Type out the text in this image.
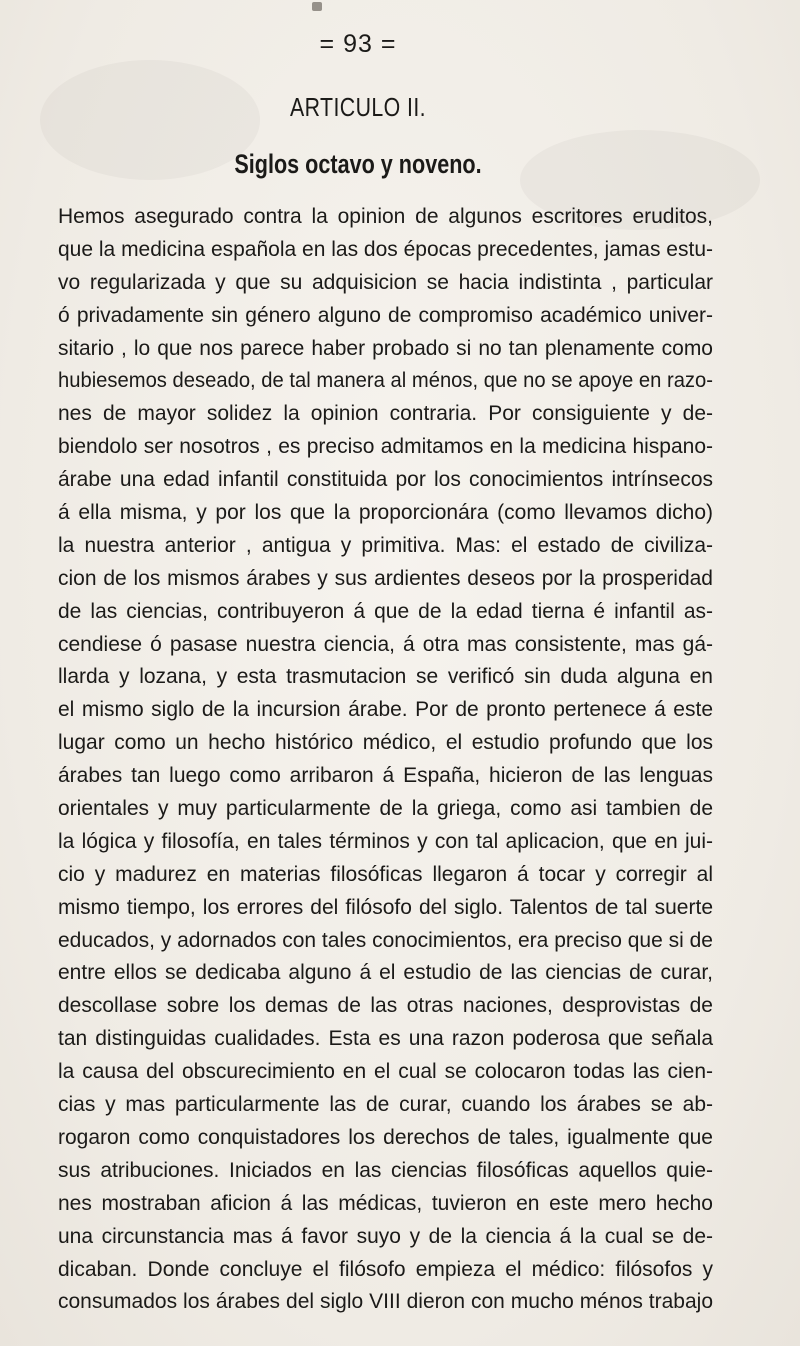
= 93 =
ARTICULO II.
Siglos octavo y noveno.
Hemos asegurado contra la opinion de algunos escritores eruditos,
que la medicina española en las dos épocas precedentes, jamas estu-
vo regularizada y que su adquisicion se hacia indistinta , particular
ó privadamente sin género alguno de compromiso académico univer-
sitario , lo que nos parece haber probado si no tan plenamente como
hubiesemos deseado, de tal manera al ménos, que no se apoye en razo-
nes de mayor solidez la opinion contraria. Por consiguiente y de-
biendolo ser nosotros , es preciso admitamos en la medicina hispano-
árabe una edad infantil constituida por los conocimientos intrínsecos
á ella misma, y por los que la proporcionára (como llevamos dicho)
la nuestra anterior , antigua y primitiva. Mas: el estado de civiliza-
cion de los mismos árabes y sus ardientes deseos por la prosperidad
de las ciencias, contribuyeron á que de la edad tierna é infantil as-
cendiese ó pasase nuestra ciencia, á otra mas consistente, mas gá-
llarda y lozana, y esta trasmutacion se verificó sin duda alguna en
el mismo siglo de la incursion árabe. Por de pronto pertenece á este
lugar como un hecho histórico médico, el estudio profundo que los
árabes tan luego como arribaron á España, hicieron de las lenguas
orientales y muy particularmente de la griega, como asi tambien de
la lógica y filosofía, en tales términos y con tal aplicacion, que en jui-
cio y madurez en materias filosóficas llegaron á tocar y corregir al
mismo tiempo, los errores del filósofo del siglo. Talentos de tal suerte
educados, y adornados con tales conocimientos, era preciso que si de
entre ellos se dedicaba alguno á el estudio de las ciencias de curar,
descollase sobre los demas de las otras naciones, desprovistas de
tan distinguidas cualidades. Esta es una razon poderosa que señala
la causa del obscurecimiento en el cual se colocaron todas las cien-
cias y mas particularmente las de curar, cuando los árabes se ab-
rogaron como conquistadores los derechos de tales, igualmente que
sus atribuciones. Iniciados en las ciencias filosóficas aquellos quie-
nes mostraban aficion á las médicas, tuvieron en este mero hecho
una circunstancia mas á favor suyo y de la ciencia á la cual se de-
dicaban. Donde concluye el filósofo empieza el médico: filósofos y
consumados los árabes del siglo VIII dieron con mucho ménos trabajo
